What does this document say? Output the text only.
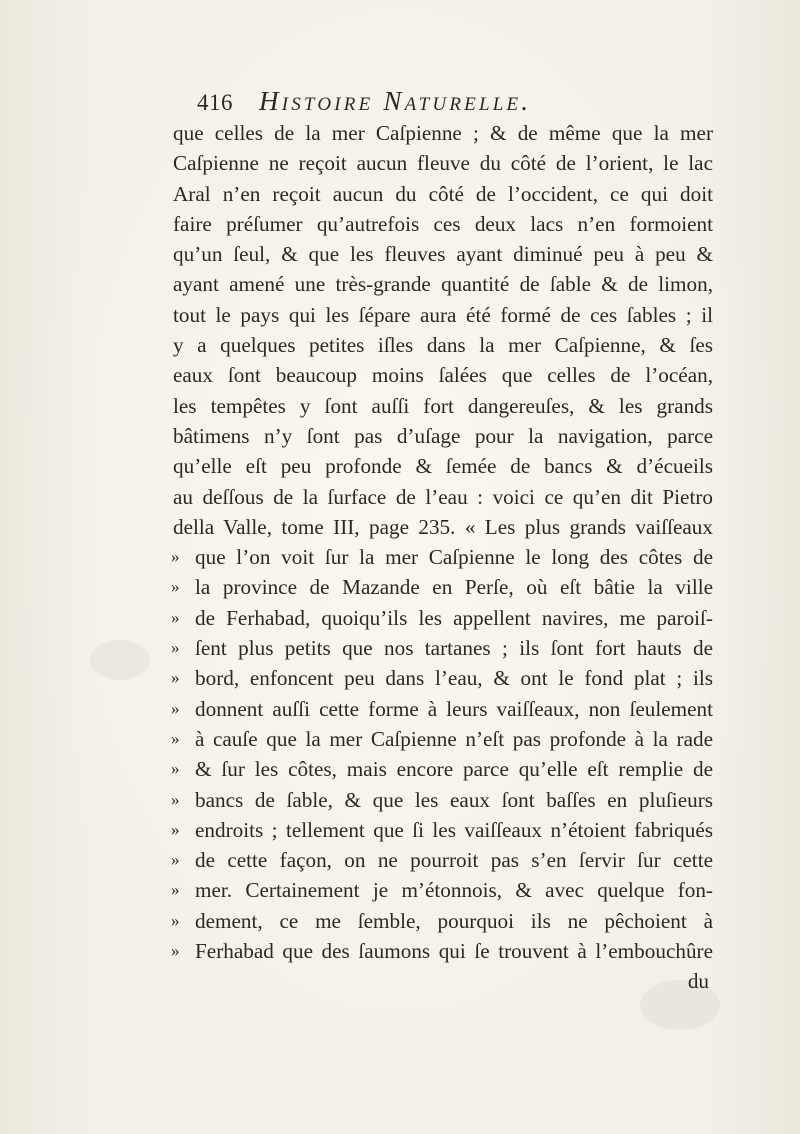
416 Histoire Naturelle.
que celles de la mer Caſpienne ; & de même que la mer
Caſpienne ne reçoit aucun fleuve du côté de l’orient, le lac
Aral n’en reçoit aucun du côté de l’occident, ce qui doit
faire préſumer qu’autrefois ces deux lacs n’en formoient
qu’un ſeul, & que les fleuves ayant diminué peu à peu &
ayant amené une très-grande quantité de ſable & de limon,
tout le pays qui les ſépare aura été formé de ces ſables ; il
y a quelques petites iſles dans la mer Caſpienne, & ſes
eaux ſont beaucoup moins ſalées que celles de l’océan,
les tempêtes y ſont auſſi fort dangereuſes, & les grands
bâtimens n’y ſont pas d’uſage pour la navigation, parce
qu’elle eſt peu profonde & ſemée de bancs & d’écueils
au deſſous de la ſurface de l’eau : voici ce qu’en dit Pietro
della Valle, tome III, page 235. « Les plus grands vaiſſeaux
» que l’on voit ſur la mer Caſpienne le long des côtes de
» la province de Mazande en Perſe, où eſt bâtie la ville
» de Ferhabad, quoiqu’ils les appellent navires, me paroiſ-
» ſent plus petits que nos tartanes ; ils ſont fort hauts de
» bord, enfoncent peu dans l’eau, & ont le fond plat ; ils
» donnent auſſi cette forme à leurs vaiſſeaux, non ſeulement
» à cauſe que la mer Caſpienne n’eſt pas profonde à la rade
» & ſur les côtes, mais encore parce qu’elle eſt remplie de
» bancs de ſable, & que les eaux ſont baſſes en pluſieurs
» endroits ; tellement que ſi les vaiſſeaux n’étoient fabriqués
» de cette façon, on ne pourroit pas s’en ſervir ſur cette
» mer. Certainement je m’étonnois, & avec quelque fon-
» dement, ce me ſemble, pourquoi ils ne pêchoient à
» Ferhabad que des ſaumons qui ſe trouvent à l’embouchûre
du
